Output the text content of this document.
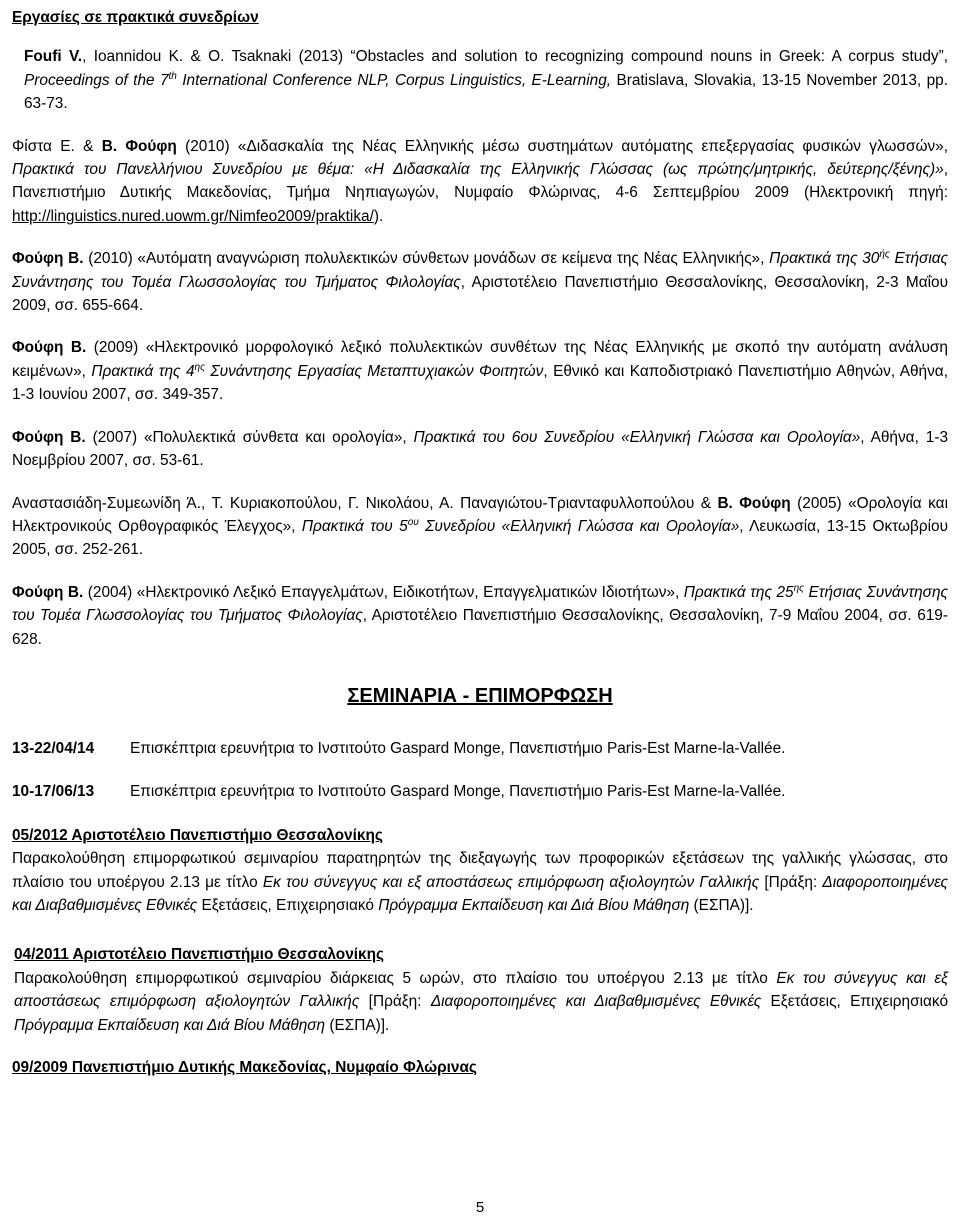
Εργασίες σε πρακτικά συνεδρίων

Foufi V., Ioannidou K. & O. Tsaknaki (2013) “Obstacles and solution to recognizing compound nouns in Greek: A corpus study”, Proceedings of the 7th International Conference NLP, Corpus Linguistics, E-Learning, Bratislava, Slovakia, 13-15 November 2013, pp. 63-73.

Φίστα Ε. & Β. Φούφη (2010) «Διδασκαλία της Νέας Ελληνικής μέσω συστημάτων αυτόματης επεξεργασίας φυσικών γλωσσών», Πρακτικά του Πανελλήνιου Συνεδρίου με θέμα: «Η Διδασκαλία της Ελληνικής Γλώσσας (ως πρώτης/μητρικής, δεύτερης/ξένης)», Πανεπιστήμιο Δυτικής Μακεδονίας, Τμήμα Νηπιαγωγών, Νυμφαίο Φλώρινας, 4-6 Σεπτεμβρίου 2009 (Ηλεκτρονική πηγή: http://linguistics.nured.uowm.gr/Nimfeo2009/praktika/).

Φούφη Β. (2010) «Αυτόματη αναγνώριση πολυλεκτικών σύνθετων μονάδων σε κείμενα της Νέας Ελληνικής», Πρακτικά της $30^{ή\varsigma}$ Ετήσιας Συνάντησης του Τομέα Γλωσσολογίας του Τμήματος Φιλολογίας, Αριστοτέλειο Πανεπιστήμιο Θεσσαλονίκης, Θεσσαλονίκη, 2-3 Μαΐου 2009, σσ. 655-664.

Φούφη Β. (2009) «Ηλεκτρονικό μορφολογικό λεξικό πολυλεκτικών συνθέτων της Νέας Ελληνικής με σκοπό την αυτόματη ανάλυση κειμένων», Πρακτικά της $4^{\eta\varsigma}$ Συνάντησης Εργασίας Μεταπτυχιακών Φοιτητών, Εθνικό και Καποδιστριακό Πανεπιστήμιο Αθηνών, Αθήνα, 1-3 Ιουνίου 2007, σσ. 349-357.

Φούφη Β. (2007) «Πολυλεκτικά σύνθετα και ορολογία», Πρακτικά του 6ου Συνεδρίου «Ελληνική Γλώσσα και Ορολογία», Αθήνα, 1-3 Νοεμβρίου 2007, σσ. 53-61.

Αναστασιάδη-Συμεωνίδη Ά., Τ. Κυριακοπούλου, Γ. Νικολάου, Α. Παναγιώτου-Τριανταφυλλοπούλου & Β. Φούφη (2005) «Ορολογία και Ηλεκτρονικούς Ορθογραφικός Έλεγχος», Πρακτικά του $5^{o\upsilon}$ Συνεδρίου «Ελληνική Γλώσσα και Ορολογία», Λευκωσία, 13-15 Οκτωβρίου 2005, σσ. 252-261.

Φούφη Β. (2004) «Ηλεκτρονικό Λεξικό Επαγγελμάτων, Ειδικοτήτων, Επαγγελματικών Ιδιοτήτων», Πρακτικά της $25^{\eta\varsigma}$ Ετήσιας Συνάντησης του Τομέα Γλωσσολογίας του Τμήματος Φιλολογίας, Αριστοτέλειο Πανεπιστήμιο Θεσσαλονίκης, Θεσσαλονίκη, 7-9 Μαΐου 2004, σσ. 619-628.

ΣΕΜΙΝΑΡΙΑ - ΕΠΙΜΟΡΦΩΣΗ
13-22/04/14	Επισκέπτρια ερευνήτρια το Ινστιτούτο Gaspard Monge, Πανεπιστήμιο Paris-Est Marne-la-Vallée.
10-17/06/13	Επισκέπτρια ερευνήτρια το Ινστιτούτο Gaspard Monge, Πανεπιστήμιο Paris-Est Marne-la-Vallée.
05/2012 Αριστοτέλειο Πανεπιστήμιο Θεσσαλονίκης

Παρακολούθηση επιμορφωτικού σεμιναρίου παρατηρητών της διεξαγωγής των προφορικών εξετάσεων της γαλλικής γλώσσας, στο πλαίσιο του υποέργου 2.13 με τίτλο Εκ του σύνεγγυς και εξ αποστάσεως επιμόρφωση αξιολογητών Γαλλικής [Πράξη: Διαφοροποιημένες και Διαβαθμισμένες Εθνικές Εξετάσεις, Επιχειρησιακό Πρόγραμμα Εκπαίδευση και Διά Βίου Μάθηση (ΕΣΠΑ)].

04/2011 Αριστοτέλειο Πανεπιστήμιο Θεσσαλονίκης

Παρακολούθηση επιμορφωτικού σεμιναρίου διάρκειας 5 ωρών, στο πλαίσιο του υποέργου 2.13 με τίτλο Εκ του σύνεγγυς και εξ αποστάσεως επιμόρφωση αξιολογητών Γαλλικής [Πράξη: Διαφοροποιημένες και Διαβαθμισμένες Εθνικές Εξετάσεις, Επιχειρησιακό Πρόγραμμα Εκπαίδευση και Διά Βίου Μάθηση (ΕΣΠΑ)].

09/2009 Πανεπιστήμιο Δυτικής Μακεδονίας, Νυμφαίο Φλώρινας
5
